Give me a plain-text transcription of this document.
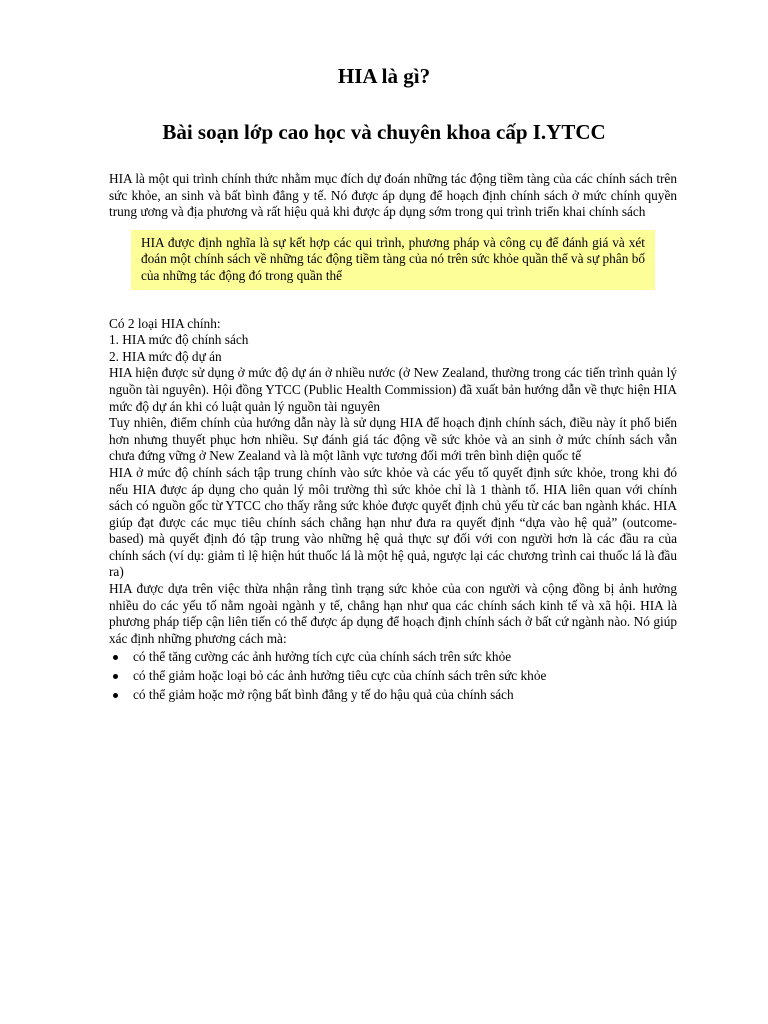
HIA là gì?
Bài soạn lớp cao học và chuyên khoa cấp I.YTCC

HIA là một qui trình chính thức nhằm mục đích dự đoán những tác động tiềm tàng của các chính sách trên sức khỏe, an sinh và bất bình đẳng y tế. Nó được áp dụng để hoạch định chính sách ở mức chính quyền trung ương và địa phương và rất hiệu quả khi được áp dụng sớm trong qui trình triển khai chính sách

HIA được định nghĩa là sự kết hợp các qui trình, phương pháp và công cụ để đánh giá và xét đoán một chính sách về những tác động tiềm tàng của nó trên sức khỏe quần thể và sự phân bố của những tác động đó trong quần thể

Có 2 loại HIA chính:

1. HIA mức độ chính sách

2. HIA mức độ dự án

HIA hiện được sử dụng ở mức độ dự án ở nhiều nước (ở New Zealand, thường trong các tiến trình quản lý nguồn tài nguyên). Hội đồng YTCC (Public Health Commission) đã xuất bản hướng dẫn về thực hiện HIA mức độ dự án khi có luật quản lý nguồn tài nguyên

Tuy nhiên, điểm chính của hướng dẫn này là sử dụng HIA để hoạch định chính sách, điều này ít phổ biến hơn nhưng thuyết phục hơn nhiều. Sự đánh giá tác động về sức khỏe và an sinh ở mức chính sách vẫn chưa đứng vững ở New Zealand và là một lãnh vực tương đối mới trên bình diện quốc tế

HIA ở mức độ chính sách tập trung chính vào sức khỏe và các yếu tố quyết định sức khỏe, trong khi đó nếu HIA được áp dụng cho quản lý môi trường thì sức khỏe chỉ là 1 thành tố. HIA liên quan với chính sách có nguồn gốc từ YTCC cho thấy rằng sức khỏe được quyết định chủ yếu từ các ban ngành khác. HIA giúp đạt được các mục tiêu chính sách chẳng hạn như đưa ra quyết định “dựa vào hệ quả” (outcome-based) mà quyết định đó tập trung vào những hệ quả thực sự đối với con người hơn là các đầu ra của chính sách (ví dụ: giảm tỉ lệ hiện hút thuốc lá là một hệ quả, ngược lại các chương trình cai thuốc lá là đầu ra)

HIA được dựa trên việc thừa nhận rằng tình trạng sức khỏe của con người và cộng đồng bị ảnh hưởng nhiều do các yếu tố nằm ngoài ngành y tế, chẳng hạn như qua các chính sách kinh tế và xã hội. HIA là phương pháp tiếp cận liên tiến có thể được áp dụng để hoạch định chính sách ở bất cứ ngành nào. Nó giúp xác định những phương cách mà:

có thể tăng cường các ảnh hưởng tích cực của chính sách trên sức khỏe
có thể giảm hoặc loại bỏ các ảnh hưởng tiêu cực của chính sách trên sức khỏe
có thể giảm hoặc mở rộng bất bình đẳng y tế do hậu quả của chính sách
